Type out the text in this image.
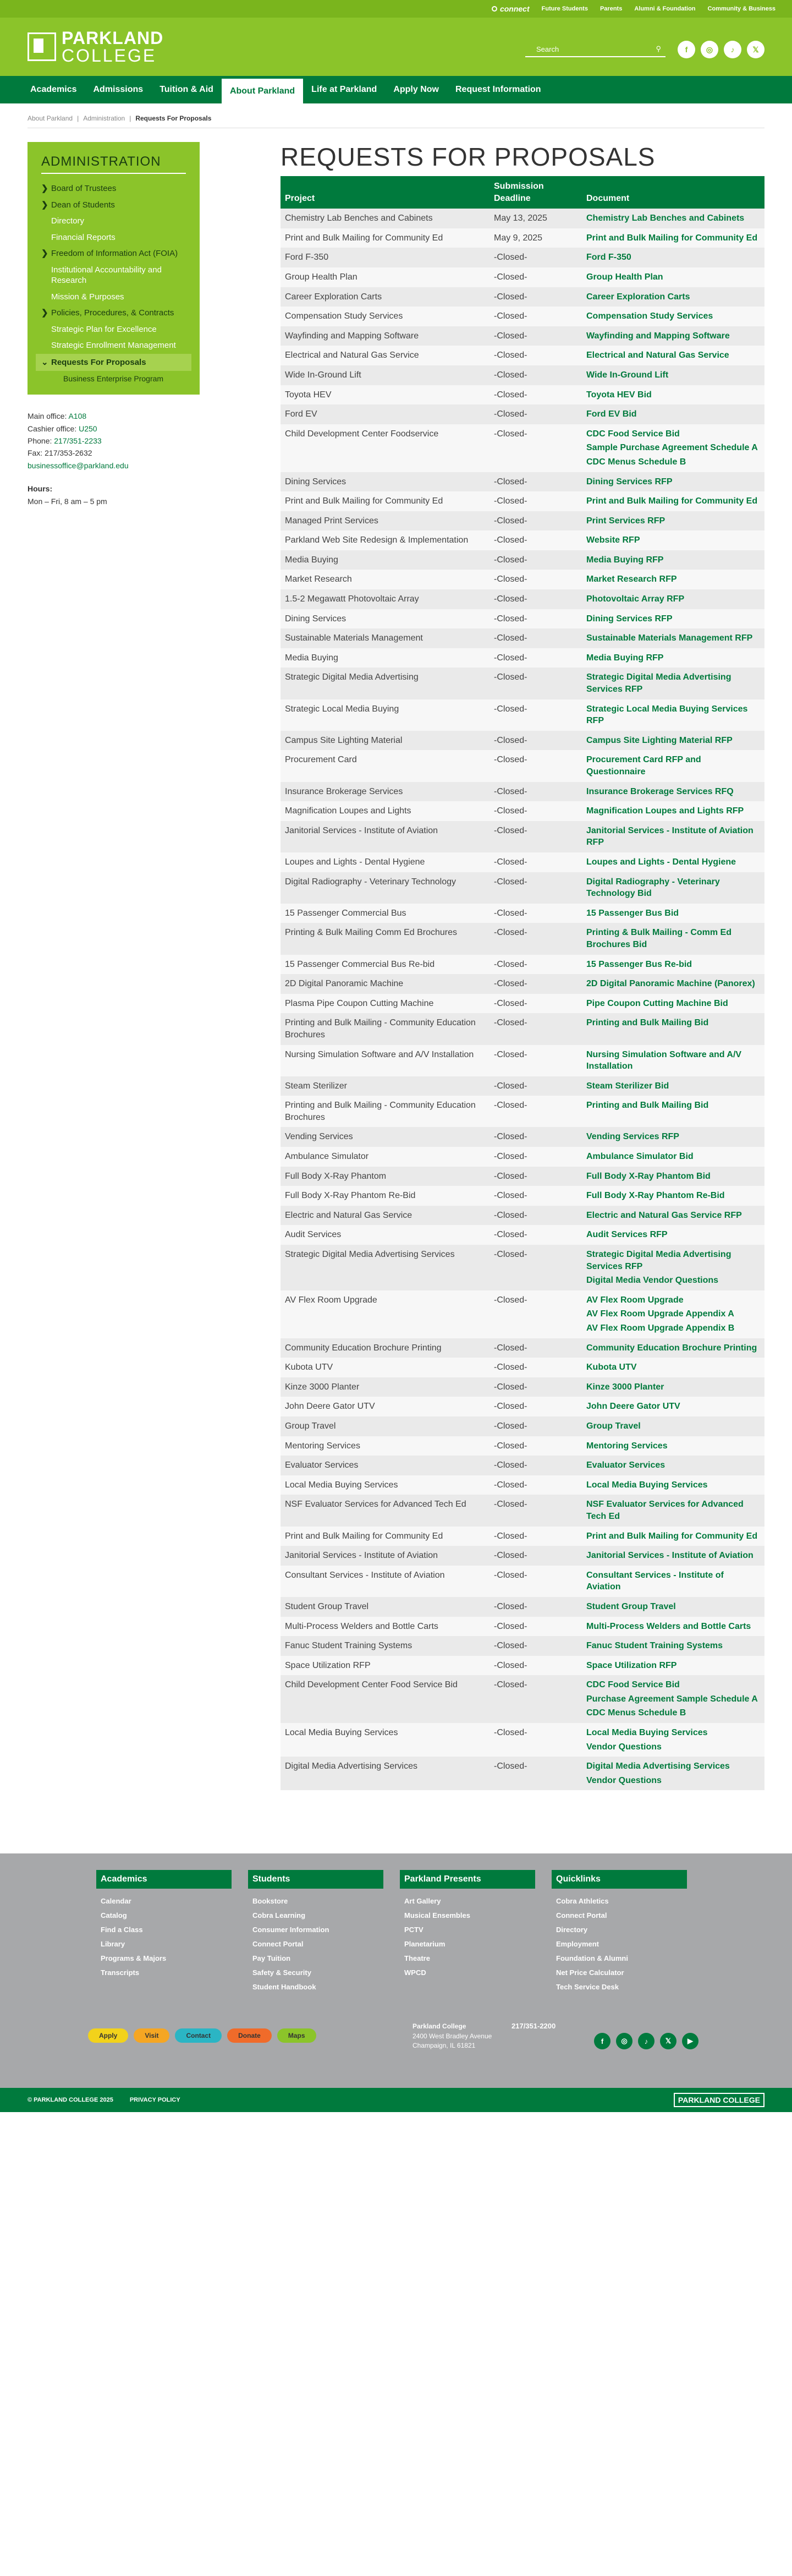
connect Future Students Parents Alumni & Foundation Community & Business
PARKLAND
COLLEGE	Search	⚲	f	◎	♪	𝕏
Academics	Admissions	Tuition & Aid	About Parkland	Life at Parkland	Apply Now	Request Information
About Parkland | Administration | Requests For Proposals
ADMINISTRATION
❯ Board of Trustees
❯ Dean of Students
Directory
Financial Reports
❯ Freedom of Information Act (FOIA)
Institutional Accountability and Research
Mission & Purposes
❯ Policies, Procedures, & Contracts
Strategic Plan for Excellence
Strategic Enrollment Management
⌄ Requests For Proposals
Business Enterprise Program
Main office: A108
Cashier office: U250
Phone: 217/351-2233
Fax: 217/353-2632
businessoffice@parkland.edu
Hours:
Mon – Fri, 8 am – 5 pm
REQUESTS FOR PROPOSALS
Project	Submission Deadline	Document
Chemistry Lab Benches and Cabinets	May 13, 2025	Chemistry Lab Benches and Cabinets

Print and Bulk Mailing for Community Ed	May 9, 2025	Print and Bulk Mailing for Community Ed

Ford F-350	-Closed-	Ford F-350

Group Health Plan	-Closed-	Group Health Plan

Career Exploration Carts	-Closed-	Career Exploration Carts

Compensation Study Services	-Closed-	Compensation Study Services

Wayfinding and Mapping Software	-Closed-	Wayfinding and Mapping Software

Electrical and Natural Gas Service	-Closed-	Electrical and Natural Gas Service

Wide In-Ground Lift	-Closed-	Wide In-Ground Lift

Toyota HEV	-Closed-	Toyota HEV Bid

Ford EV	-Closed-	Ford EV Bid

Child Development Center Foodservice	-Closed-	CDC Food Service Bid
Sample Purchase Agreement Schedule A
CDC Menus Schedule B

Dining Services	-Closed-	Dining Services RFP

Print and Bulk Mailing for Community Ed	-Closed-	Print and Bulk Mailing for Community Ed

Managed Print Services	-Closed-	Print Services RFP

Parkland Web Site Redesign & Implementation	-Closed-	Website RFP

Media Buying	-Closed-	Media Buying RFP

Market Research	-Closed-	Market Research RFP

1.5-2 Megawatt Photovoltaic Array	-Closed-	Photovoltaic Array RFP

Dining Services	-Closed-	Dining Services RFP

Sustainable Materials Management	-Closed-	Sustainable Materials Management RFP

Media Buying	-Closed-	Media Buying RFP

Strategic Digital Media Advertising	-Closed-	Strategic Digital Media Advertising Services RFP

Strategic Local Media Buying	-Closed-	Strategic Local Media Buying Services RFP

Campus Site Lighting Material	-Closed-	Campus Site Lighting Material RFP

Procurement Card	-Closed-	Procurement Card RFP and Questionnaire

Insurance Brokerage Services	-Closed-	Insurance Brokerage Services RFQ

Magnification Loupes and Lights	-Closed-	Magnification Loupes and Lights RFP

Janitorial Services - Institute of Aviation	-Closed-	Janitorial Services - Institute of Aviation RFP

Loupes and Lights - Dental Hygiene	-Closed-	Loupes and Lights - Dental Hygiene

Digital Radiography - Veterinary Technology	-Closed-	Digital Radiography - Veterinary Technology Bid

15 Passenger Commercial Bus	-Closed-	15 Passenger Bus Bid

Printing & Bulk Mailing Comm Ed Brochures	-Closed-	Printing & Bulk Mailing - Comm Ed Brochures Bid

15 Passenger Commercial Bus Re-bid	-Closed-	15 Passenger Bus Re-bid

2D Digital Panoramic Machine	-Closed-	2D Digital Panoramic Machine (Panorex)

Plasma Pipe Coupon Cutting Machine	-Closed-	Pipe Coupon Cutting Machine Bid

Printing and Bulk Mailing - Community Education Brochures	-Closed-	Printing and Bulk Mailing Bid

Nursing Simulation Software and A/V Installation	-Closed-	Nursing Simulation Software and A/V Installation

Steam Sterilizer	-Closed-	Steam Sterilizer Bid

Printing and Bulk Mailing - Community Education Brochures	-Closed-	Printing and Bulk Mailing Bid

Vending Services	-Closed-	Vending Services RFP

Ambulance Simulator	-Closed-	Ambulance Simulator Bid

Full Body X-Ray Phantom	-Closed-	Full Body X-Ray Phantom Bid

Full Body X-Ray Phantom Re-Bid	-Closed-	Full Body X-Ray Phantom Re-Bid

Electric and Natural Gas Service	-Closed-	Electric and Natural Gas Service RFP

Audit Services	-Closed-	Audit Services RFP

Strategic Digital Media Advertising Services	-Closed-	Strategic Digital Media Advertising Services RFP
Digital Media Vendor Questions

AV Flex Room Upgrade	-Closed-	AV Flex Room Upgrade
AV Flex Room Upgrade Appendix A
AV Flex Room Upgrade Appendix B

Community Education Brochure Printing	-Closed-	Community Education Brochure Printing

Kubota UTV	-Closed-	Kubota UTV

Kinze 3000 Planter	-Closed-	Kinze 3000 Planter

John Deere Gator UTV	-Closed-	John Deere Gator UTV

Group Travel	-Closed-	Group Travel

Mentoring Services	-Closed-	Mentoring Services

Evaluator Services	-Closed-	Evaluator Services

Local Media Buying Services	-Closed-	Local Media Buying Services

NSF Evaluator Services for Advanced Tech Ed	-Closed-	NSF Evaluator Services for Advanced Tech Ed

Print and Bulk Mailing for Community Ed	-Closed-	Print and Bulk Mailing for Community Ed

Janitorial Services - Institute of Aviation	-Closed-	Janitorial Services - Institute of Aviation

Consultant Services - Institute of Aviation	-Closed-	Consultant Services - Institute of Aviation

Student Group Travel	-Closed-	Student Group Travel

Multi-Process Welders and Bottle Carts	-Closed-	Multi-Process Welders and Bottle Carts

Fanuc Student Training Systems	-Closed-	Fanuc Student Training Systems

Space Utilization RFP	-Closed-	Space Utilization RFP

Child Development Center Food Service Bid	-Closed-	CDC Food Service Bid
Purchase Agreement Sample Schedule A
CDC Menus Schedule B

Local Media Buying Services	-Closed-	Local Media Buying Services
Vendor Questions

Digital Media Advertising Services	-Closed-	Digital Media Advertising Services
Vendor Questions
Academics
Calendar
Catalog
Find a Class
Library
Programs & Majors
Transcripts
Students
Bookstore
Cobra Learning
Consumer Information
Connect Portal
Pay Tuition
Safety & Security
Student Handbook
Parkland Presents
Art Gallery
Musical Ensembles
PCTV
Planetarium
Theatre
WPCD
Quicklinks
Cobra Athletics
Connect Portal
Directory
Employment
Foundation & Alumni
Net Price Calculator
Tech Service Desk
Apply	Visit	Contact	Donate	Maps
Parkland College
2400 West Bradley Avenue
Champaign, IL 61821
217/351-2200
f	◎	♪	𝕏	▶
© PARKLAND COLLEGE 2025	PRIVACY POLICY	PARKLAND COLLEGE
